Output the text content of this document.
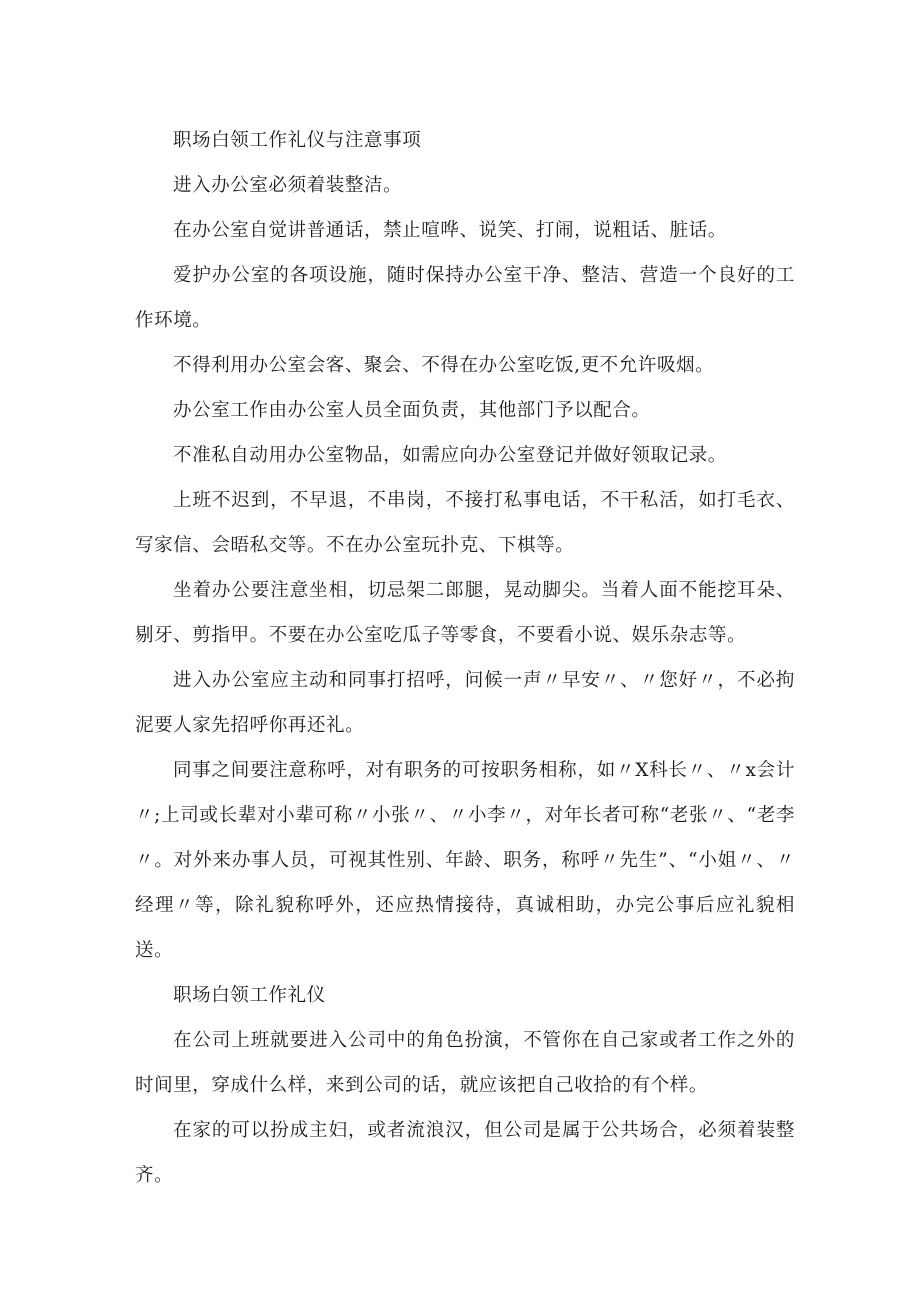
职场白领工作礼仪与注意事项

进入办公室必须着装整洁。

在办公室自觉讲普通话，禁止喧哗、说笑、打闹，说粗话、脏话。

爱护办公室的各项设施，随时保持办公室干净、整洁、营造一个良好的工作环境。

不得利用办公室会客、聚会、不得在办公室吃饭,更不允许吸烟。

办公室工作由办公室人员全面负责，其他部门予以配合。

不准私自动用办公室物品，如需应向办公室登记并做好领取记录。

上班不迟到，不早退，不串岗，不接打私事电话，不干私活，如打毛衣、写家信、会晤私交等。不在办公室玩扑克、下棋等。

坐着办公要注意坐相，切忌架二郎腿，晃动脚尖。当着人面不能挖耳朵、剔牙、剪指甲。不要在办公室吃瓜子等零食，不要看小说、娱乐杂志等。

进入办公室应主动和同事打招呼，问候一声〃早安〃、〃您好〃，不必拘泥要人家先招呼你再还礼。

同事之间要注意称呼，对有职务的可按职务相称，如〃X科长〃、〃x会计〃;上司或长辈对小辈可称〃小张〃、〃小李〃，对年长者可称“老张〃、“老李〃。对外来办事人员，可视其性别、年龄、职务，称呼〃先生”、“小姐〃、〃经理〃等，除礼貌称呼外，还应热情接待，真诚相助，办完公事后应礼貌相送。

职场白领工作礼仪

在公司上班就要进入公司中的角色扮演，不管你在自己家或者工作之外的时间里，穿成什么样，来到公司的话，就应该把自己收拾的有个样。

在家的可以扮成主妇，或者流浪汉，但公司是属于公共场合，必须着装整齐。
